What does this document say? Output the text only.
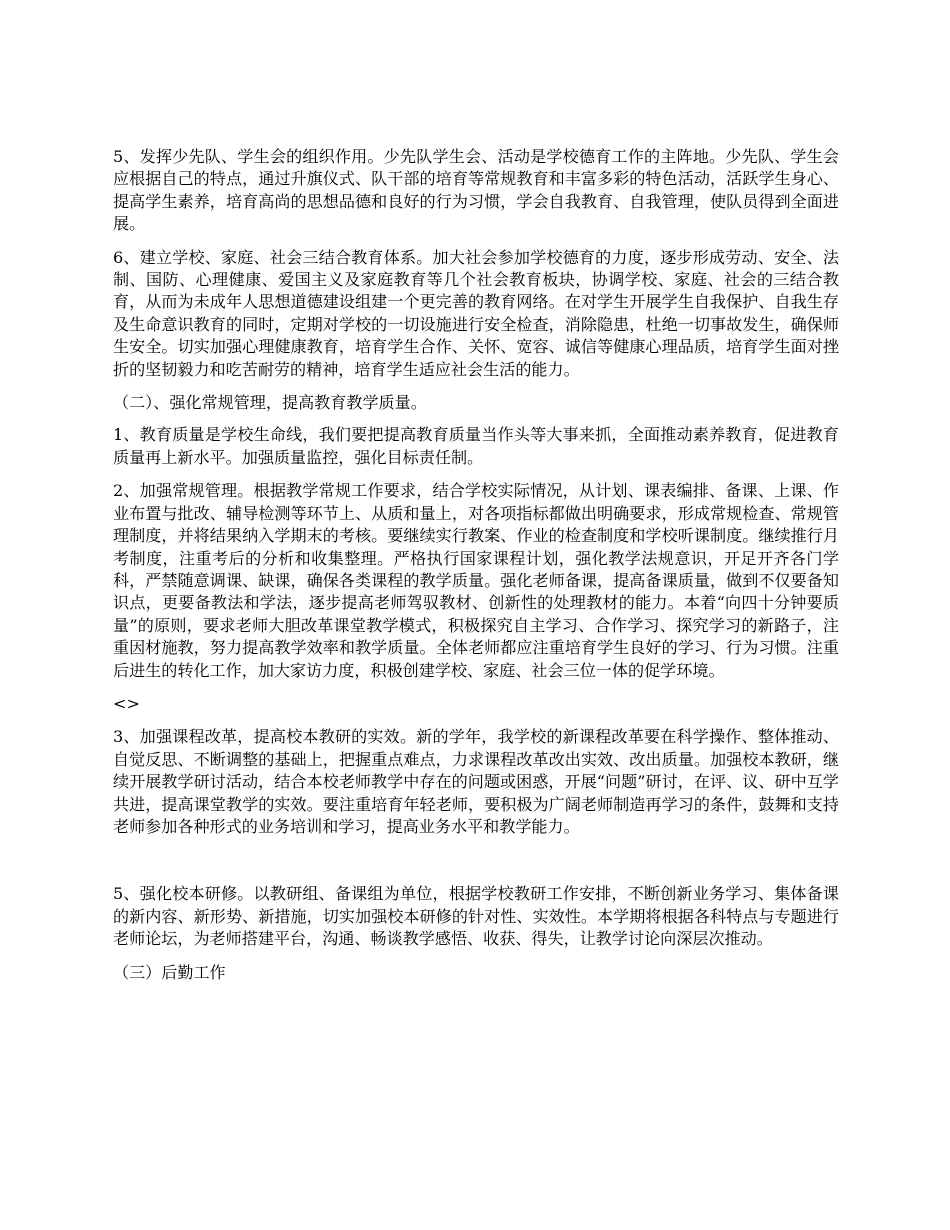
5、发挥少先队、学生会的组织作用。少先队学生会、活动是学校德育工作的主阵地。少先队、学生会应根据自己的特点，通过升旗仪式、队干部的培育等常规教育和丰富多彩的特色活动，活跃学生身心、提高学生素养，培育高尚的思想品德和良好的行为习惯，学会自我教育、自我管理，使队员得到全面进展。

6、建立学校、家庭、社会三结合教育体系。加大社会参加学校德育的力度，逐步形成劳动、安全、法制、国防、心理健康、爱国主义及家庭教育等几个社会教育板块，协调学校、家庭、社会的三结合教育，从而为未成年人思想道德建设组建一个更完善的教育网络。在对学生开展学生自我保护、自我生存及生命意识教育的同时，定期对学校的一切设施进行安全检查，消除隐患，杜绝一切事故发生，确保师生安全。切实加强心理健康教育，培育学生合作、关怀、宽容、诚信等健康心理品质，培育学生面对挫折的坚韧毅力和吃苦耐劳的精神，培育学生适应社会生活的能力。

（二）、强化常规管理，提高教育教学质量。

1、教育质量是学校生命线，我们要把提高教育质量当作头等大事来抓，全面推动素养教育，促进教育质量再上新水平。加强质量监控，强化目标责任制。

2、加强常规管理。根据教学常规工作要求，结合学校实际情况，从计划、课表编排、备课、上课、作业布置与批改、辅导检测等环节上、从质和量上，对各项指标都做出明确要求，形成常规检查、常规管理制度，并将结果纳入学期末的考核。要继续实行教案、作业的检查制度和学校听课制度。继续推行月考制度，注重考后的分析和收集整理。严格执行国家课程计划，强化教学法规意识，开足开齐各门学科，严禁随意调课、缺课，确保各类课程的教学质量。强化老师备课，提高备课质量，做到不仅要备知识点，更要备教法和学法，逐步提高老师驾驭教材、创新性的处理教材的能力。本着“向四十分钟要质量”的原则，要求老师大胆改革课堂教学模式，积极探究自主学习、合作学习、探究学习的新路子，注重因材施教，努力提高教学效率和教学质量。全体老师都应注重培育学生良好的学习、行为习惯。注重后进生的转化工作，加大家访力度，积极创建学校、家庭、社会三位一体的促学环境。

<>

3、加强课程改革，提高校本教研的实效。新的学年，我学校的新课程改革要在科学操作、整体推动、自觉反思、不断调整的基础上，把握重点难点，力求课程改革改出实效、改出质量。加强校本教研，继续开展教学研讨活动，结合本校老师教学中存在的问题或困惑，开展“问题”研讨，在评、议、研中互学共进，提高课堂教学的实效。要注重培育年轻老师，要积极为广阔老师制造再学习的条件，鼓舞和支持老师参加各种形式的业务培训和学习，提高业务水平和教学能力。

5、强化校本研修。以教研组、备课组为单位，根据学校教研工作安排，不断创新业务学习、集体备课的新内容、新形势、新措施，切实加强校本研修的针对性、实效性。本学期将根据各科特点与专题进行老师论坛，为老师搭建平台，沟通、畅谈教学感悟、收获、得失，让教学讨论向深层次推动。

（三）后勤工作
